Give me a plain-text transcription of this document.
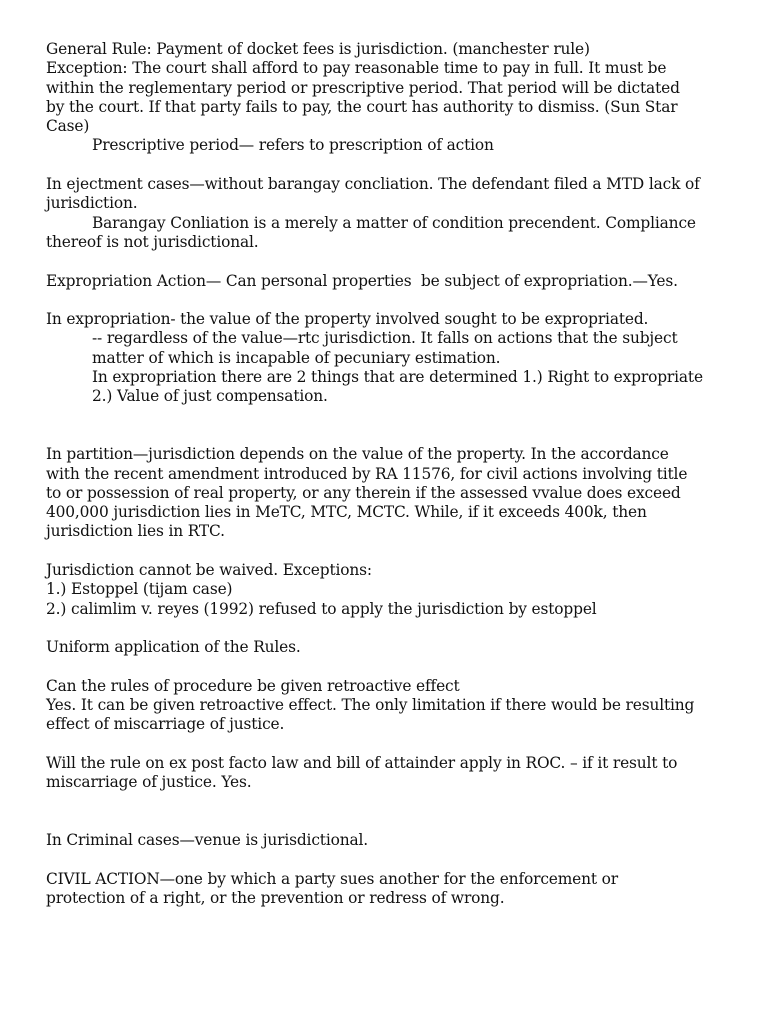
General Rule: Payment of docket fees is jurisdiction. (manchester rule)
Exception: The court shall afford to pay reasonable time to pay in full. It must be
within the reglementary period or prescriptive period. That period will be dictated
by the court. If that party fails to pay, the court has authority to dismiss. (Sun Star
Case)
Prescriptive period— refers to prescription of action
In ejectment cases—without barangay concliation. The defendant filed a MTD lack of
jurisdiction.
Barangay Conliation is a merely a matter of condition precendent. Compliance
thereof is not jurisdictional.
Expropriation Action— Can personal properties  be subject of expropriation.—Yes.
In expropriation- the value of the property involved sought to be expropriated.
-- regardless of the value—rtc jurisdiction. It falls on actions that the subject
matter of which is incapable of pecuniary estimation.
In expropriation there are 2 things that are determined 1.) Right to expropriate
2.) Value of just compensation.
In partition—jurisdiction depends on the value of the property. In the accordance
with the recent amendment introduced by RA 11576, for civil actions involving title
to or possession of real property, or any therein if the assessed vvalue does exceed
400,000 jurisdiction lies in MeTC, MTC, MCTC. While, if it exceeds 400k, then
jurisdiction lies in RTC.
Jurisdiction cannot be waived. Exceptions:
1.) Estoppel (tijam case)
2.) calimlim v. reyes (1992) refused to apply the jurisdiction by estoppel
Uniform application of the Rules.
Can the rules of procedure be given retroactive effect
Yes. It can be given retroactive effect. The only limitation if there would be resulting
effect of miscarriage of justice.
Will the rule on ex post facto law and bill of attainder apply in ROC. – if it result to
miscarriage of justice. Yes.
In Criminal cases—venue is jurisdictional.
CIVIL ACTION—one by which a party sues another for the enforcement or
protection of a right, or the prevention or redress of wrong.
